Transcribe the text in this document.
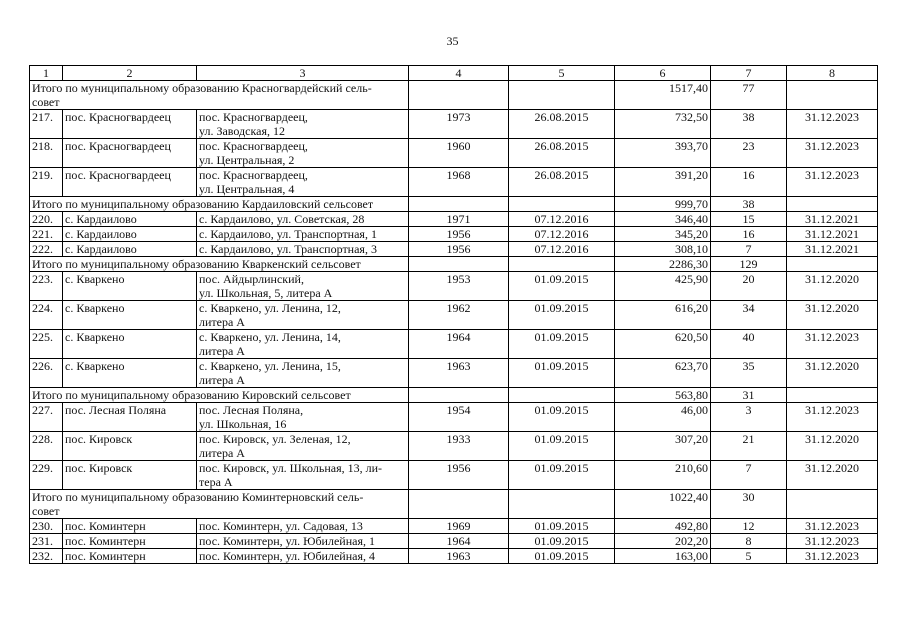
35
1	2	3	4	5	6	7	8

Итого по муниципальному образованию Красногвардейский сель-
совет					1517,40	77	
217.	пос. Красногвардеец	пос. Красногвардеец,
ул. Заводская, 12	1973	26.08.2015	732,50	38	31.12.2023
218.	пос. Красногвардеец	пос. Красногвардеец,
ул. Центральная, 2	1960	26.08.2015	393,70	23	31.12.2023
219.	пос. Красногвардеец	пос. Красногвардеец,
ул. Центральная, 4	1968	26.08.2015	391,20	16	31.12.2023

Итого по муниципальному образованию Кардаиловский сельсовет					999,70	38	
220.	с. Кардаилово	с. Кардаилово, ул. Советская, 28	1971	07.12.2016	346,40	15	31.12.2021
221.	с. Кардаилово	с. Кардаилово, ул. Транспортная, 1	1956	07.12.2016	345,20	16	31.12.2021
222.	с. Кардаилово	с. Кардаилово, ул. Транспортная, 3	1956	07.12.2016	308,10	7	31.12.2021

Итого по муниципальному образованию Кваркенский сельсовет					2286,30	129	
223.	с. Кваркено	пос. Айдырлинский,
ул. Школьная, 5, литера А	1953	01.09.2015	425,90	20	31.12.2020
224.	с. Кваркено	с. Кваркено, ул. Ленина, 12,
литера А	1962	01.09.2015	616,20	34	31.12.2020
225.	с. Кваркено	с. Кваркено, ул. Ленина, 14,
литера А	1964	01.09.2015	620,50	40	31.12.2023
226.	с. Кваркено	с. Кваркено, ул. Ленина, 15,
литера А	1963	01.09.2015	623,70	35	31.12.2020

Итого по муниципальному образованию Кировский сельсовет					563,80	31	
227.	пос. Лесная Поляна	пос. Лесная Поляна,
ул. Школьная, 16	1954	01.09.2015	46,00	3	31.12.2023
228.	пос. Кировск	пос. Кировск, ул. Зеленая, 12,
литера А	1933	01.09.2015	307,20	21	31.12.2020
229.	пос. Кировск	пос. Кировск, ул. Школьная, 13, ли-
тера А	1956	01.09.2015	210,60	7	31.12.2020

Итого по муниципальному образованию Коминтерновский сель-
совет					1022,40	30	
230.	пос. Коминтерн	пос. Коминтерн, ул. Садовая, 13	1969	01.09.2015	492,80	12	31.12.2023
231.	пос. Коминтерн	пос. Коминтерн, ул. Юбилейная, 1	1964	01.09.2015	202,20	8	31.12.2023
232.	пос. Коминтерн	пос. Коминтерн, ул. Юбилейная, 4	1963	01.09.2015	163,00	5	31.12.2023
